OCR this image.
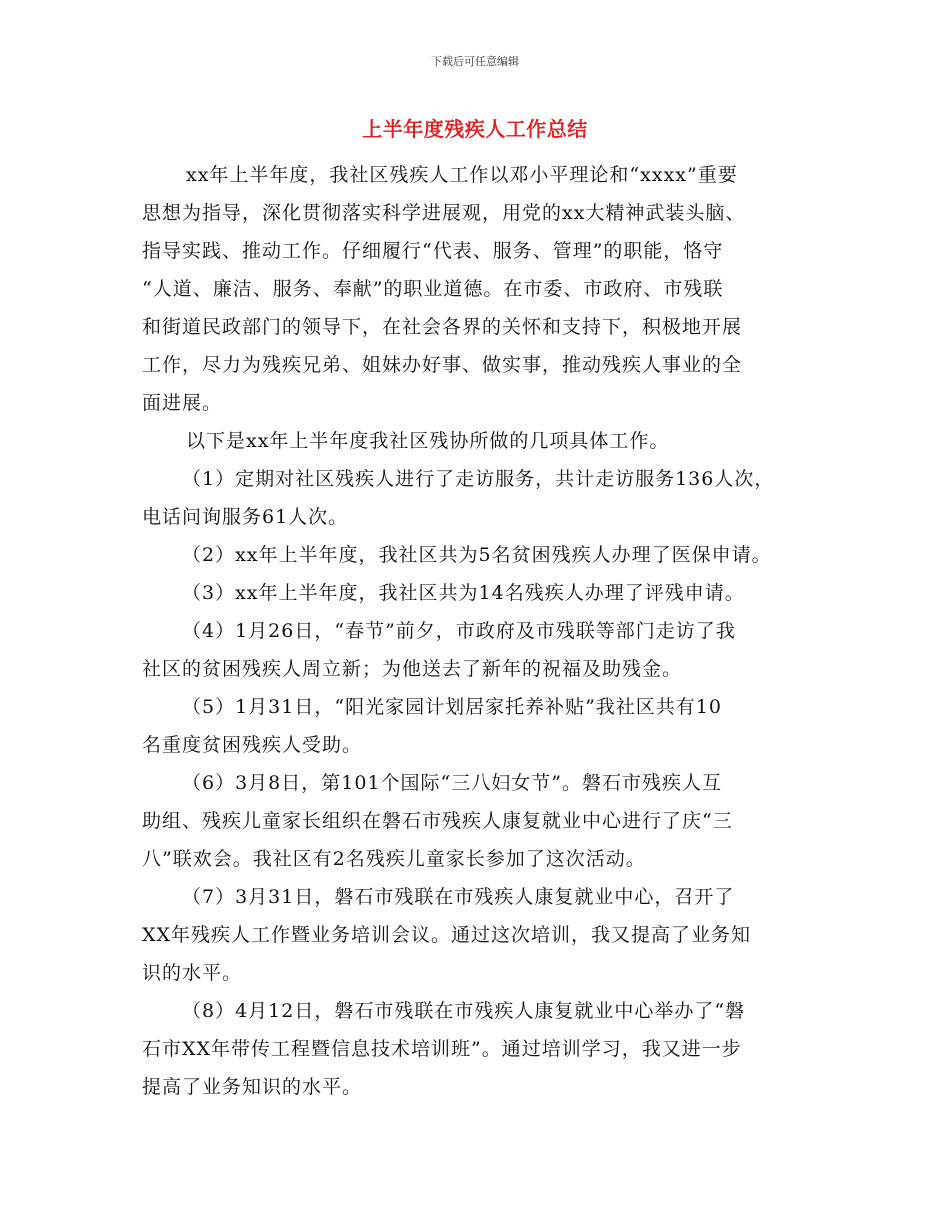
下载后可任意编辑
上半年度残疾人工作总结
xx年上半年度，我社区残疾人工作以邓小平理论和“xxxx”重要
思想为指导，深化贯彻落实科学进展观，用党的xx大精神武装头脑、
指导实践、推动工作。仔细履行“代表、服务、管理”的职能，恪守
“人道、廉洁、服务、奉献”的职业道德。在市委、市政府、市残联
和街道民政部门的领导下，在社会各界的关怀和支持下，积极地开展
工作，尽力为残疾兄弟、姐妹办好事、做实事，推动残疾人事业的全
面进展。
以下是xx年上半年度我社区残协所做的几项具体工作。
（1）定期对社区残疾人进行了走访服务，共计走访服务136人次，
电话问询服务61人次。
（2）xx年上半年度，我社区共为5名贫困残疾人办理了医保申请。
（3）xx年上半年度，我社区共为14名残疾人办理了评残申请。
（4）1月26日，“春节”前夕，市政府及市残联等部门走访了我
社区的贫困残疾人周立新；为他送去了新年的祝福及助残金。
（5）1月31日，“阳光家园计划居家托养补贴”我社区共有10
名重度贫困残疾人受助。
（6）3月8日，第101个国际“三八妇女节”。磐石市残疾人互
助组、残疾儿童家长组织在磐石市残疾人康复就业中心进行了庆“三
八”联欢会。我社区有2名残疾儿童家长参加了这次活动。
（7）3月31日，磐石市残联在市残疾人康复就业中心，召开了
XX年残疾人工作暨业务培训会议。通过这次培训，我又提高了业务知
识的水平。
（8）4月12日，磐石市残联在市残疾人康复就业中心举办了“磐
石市XX年带传工程暨信息技术培训班”。通过培训学习，我又进一步
提高了业务知识的水平。
